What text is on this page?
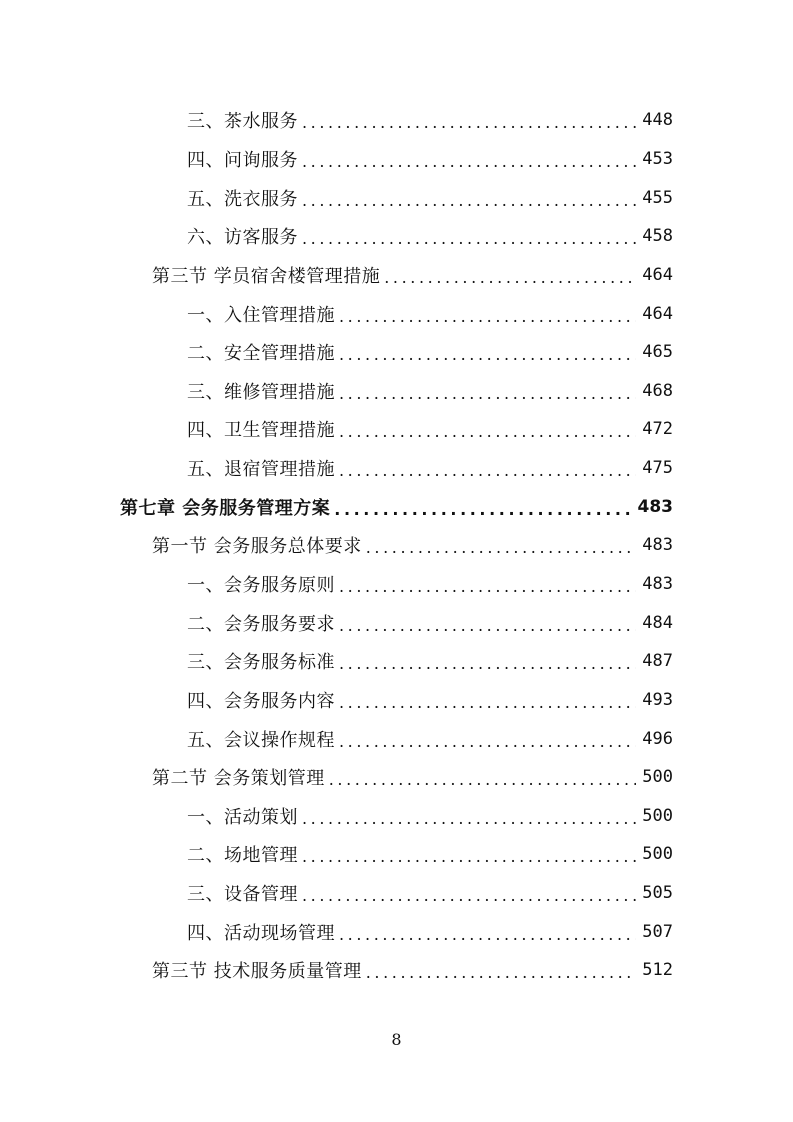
三、茶水服务 .....	448
四、问询服务 .....	453
五、洗衣服务 .....	455
六、访客服务 .....	458
第三节 学员宿舍楼管理措施 .....	464
一、入住管理措施 .....	464
二、安全管理措施 .....	465
三、维修管理措施 .....	468
四、卫生管理措施 .....	472
五、退宿管理措施 .....	475
第七章 会务服务管理方案 .....	483
第一节 会务服务总体要求 .....	483
一、会务服务原则 .....	483
二、会务服务要求 .....	484
三、会务服务标准 .....	487
四、会务服务内容 .....	493
五、会议操作规程 .....	496
第二节 会务策划管理 .....	500
一、活动策划 .....	500
二、场地管理 .....	500
三、设备管理 .....	505
四、活动现场管理 .....	507
第三节 技术服务质量管理 .....	512
8
